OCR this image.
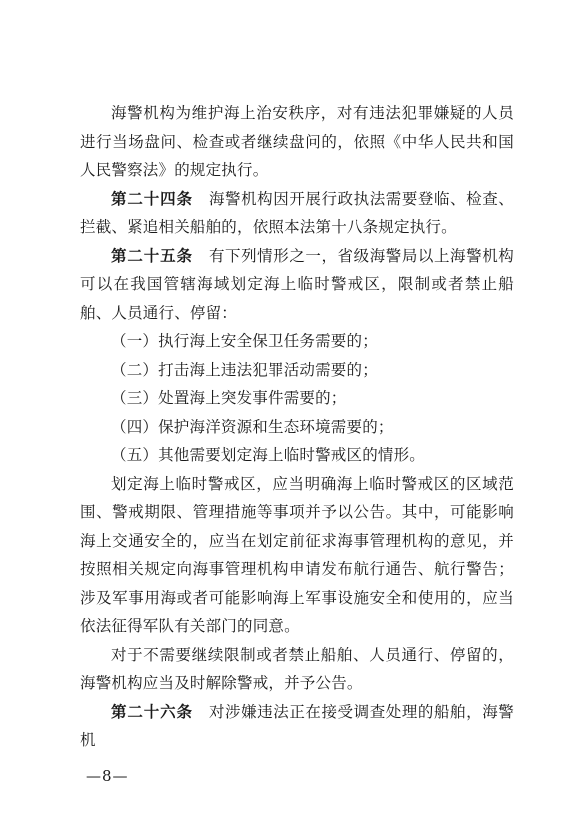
海警机构为维护海上治安秩序，对有违法犯罪嫌疑的人员进行当场盘问、检查或者继续盘问的，依照《中华人民共和国人民警察法》的规定执行。

第二十四条　 海警机构因开展行政执法需要登临、检查、拦截、紧追相关船舶的，依照本法第十八条规定执行。

第二十五条　 有下列情形之一，省级海警局以上海警机构可以在我国管辖海域划定海上临时警戒区，限制或者禁止船舶、人员通行、停留：

（一）执行海上安全保卫任务需要的；

（二）打击海上违法犯罪活动需要的；

（三）处置海上突发事件需要的；

（四）保护海洋资源和生态环境需要的；

（五）其他需要划定海上临时警戒区的情形。

划定海上临时警戒区，应当明确海上临时警戒区的区域范围、警戒期限、管理措施等事项并予以公告。其中，可能影响海上交通安全的，应当在划定前征求海事管理机构的意见，并按照相关规定向海事管理机构申请发布航行通告、航行警告；涉及军事用海或者可能影响海上军事设施安全和使用的，应当依法征得军队有关部门的同意。

对于不需要继续限制或者禁止船舶、人员通行、停留的，海警机构应当及时解除警戒，并予公告。

第二十六条　 对涉嫌违法正在接受调查处理的船舶，海警机

—8—
